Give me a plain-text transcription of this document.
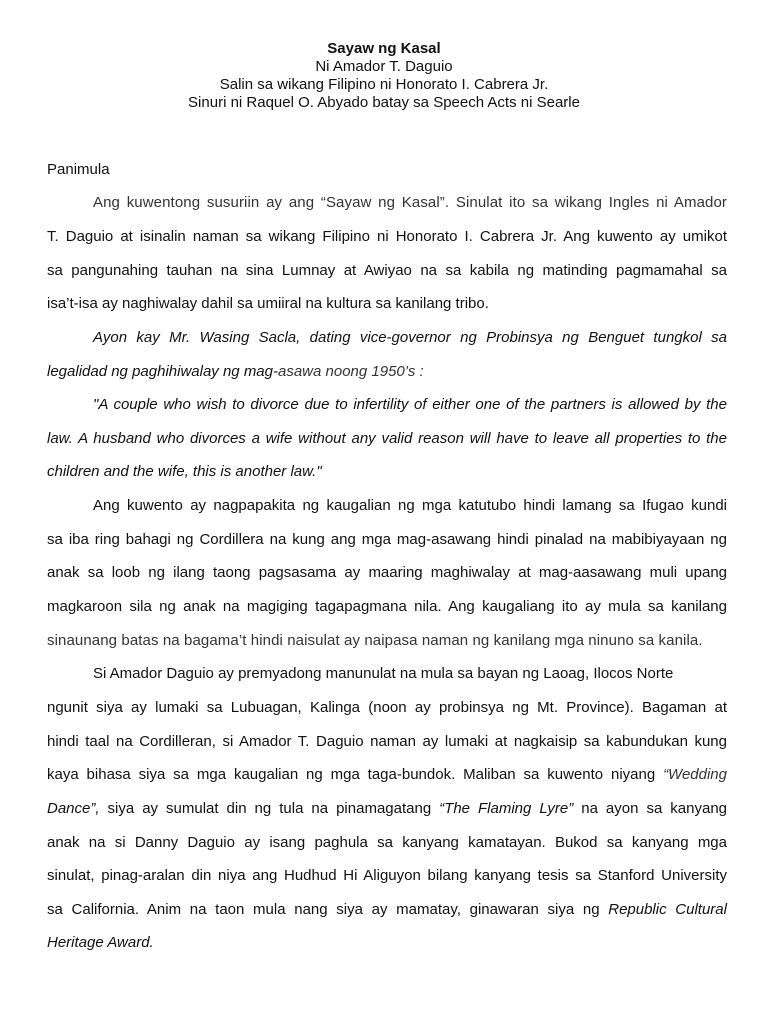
Sayaw ng Kasal
Ni Amador T. Daguio
Salin sa wikang Filipino ni Honorato I. Cabrera Jr.
Sinuri ni Raquel O. Abyado batay sa Speech Acts ni Searle
Panimula
Ang kuwentong susuriin ay ang “Sayaw ng Kasal”. Sinulat ito sa wikang Ingles ni Amador
T. Daguio at isinalin naman sa wikang Filipino ni Honorato I. Cabrera Jr. Ang kuwento ay umikot
sa pangunahing tauhan na sina Lumnay at Awiyao na sa kabila ng matinding pagmamahal sa
isa’t-isa ay naghiwalay dahil sa umiiral na kultura sa kanilang tribo.
Ayon kay Mr. Wasing Sacla, dating vice-governor ng Probinsya ng Benguet tungkol sa
legalidad ng paghihiwalay ng mag-asawa noong 1950’s :
"A couple who wish to divorce due to infertility of either one of the partners is allowed by the
law. A husband who divorces a wife without any valid reason will have to leave all properties to the
children and the wife, this is another law."
Ang kuwento ay nagpapakita ng kaugalian ng mga katutubo hindi lamang sa Ifugao kundi
sa iba ring bahagi ng Cordillera na kung ang mga mag-asawang hindi pinalad na mabibiyayaan ng
anak sa loob ng ilang taong pagsasama ay maaring maghiwalay at mag-aasawang muli upang
magkaroon sila ng anak na magiging tagapagmana nila. Ang kaugaliang ito ay mula sa kanilang
sinaunang batas na bagama’t hindi naisulat ay naipasa naman ng kanilang mga ninuno sa kanila.
Si Amador Daguio ay premyadong manunulat na mula sa bayan ng Laoag, Ilocos Norte
ngunit siya ay lumaki sa Lubuagan, Kalinga (noon ay probinsya ng Mt. Province). Bagaman at
hindi taal na Cordilleran, si Amador T. Daguio naman ay lumaki at nagkaisip sa kabundukan kung
kaya bihasa siya sa mga kaugalian ng mga taga-bundok. Maliban sa kuwento niyang “Wedding
Dance”, siya ay sumulat din ng tula na pinamagatang “The Flaming Lyre” na ayon sa kanyang
anak na si Danny Daguio ay isang paghula sa kanyang kamatayan. Bukod sa kanyang mga
sinulat, pinag-aralan din niya ang Hudhud Hi Aliguyon bilang kanyang tesis sa Stanford University
sa California. Anim na taon mula nang siya ay mamatay, ginawaran siya ng Republic Cultural
Heritage Award.
